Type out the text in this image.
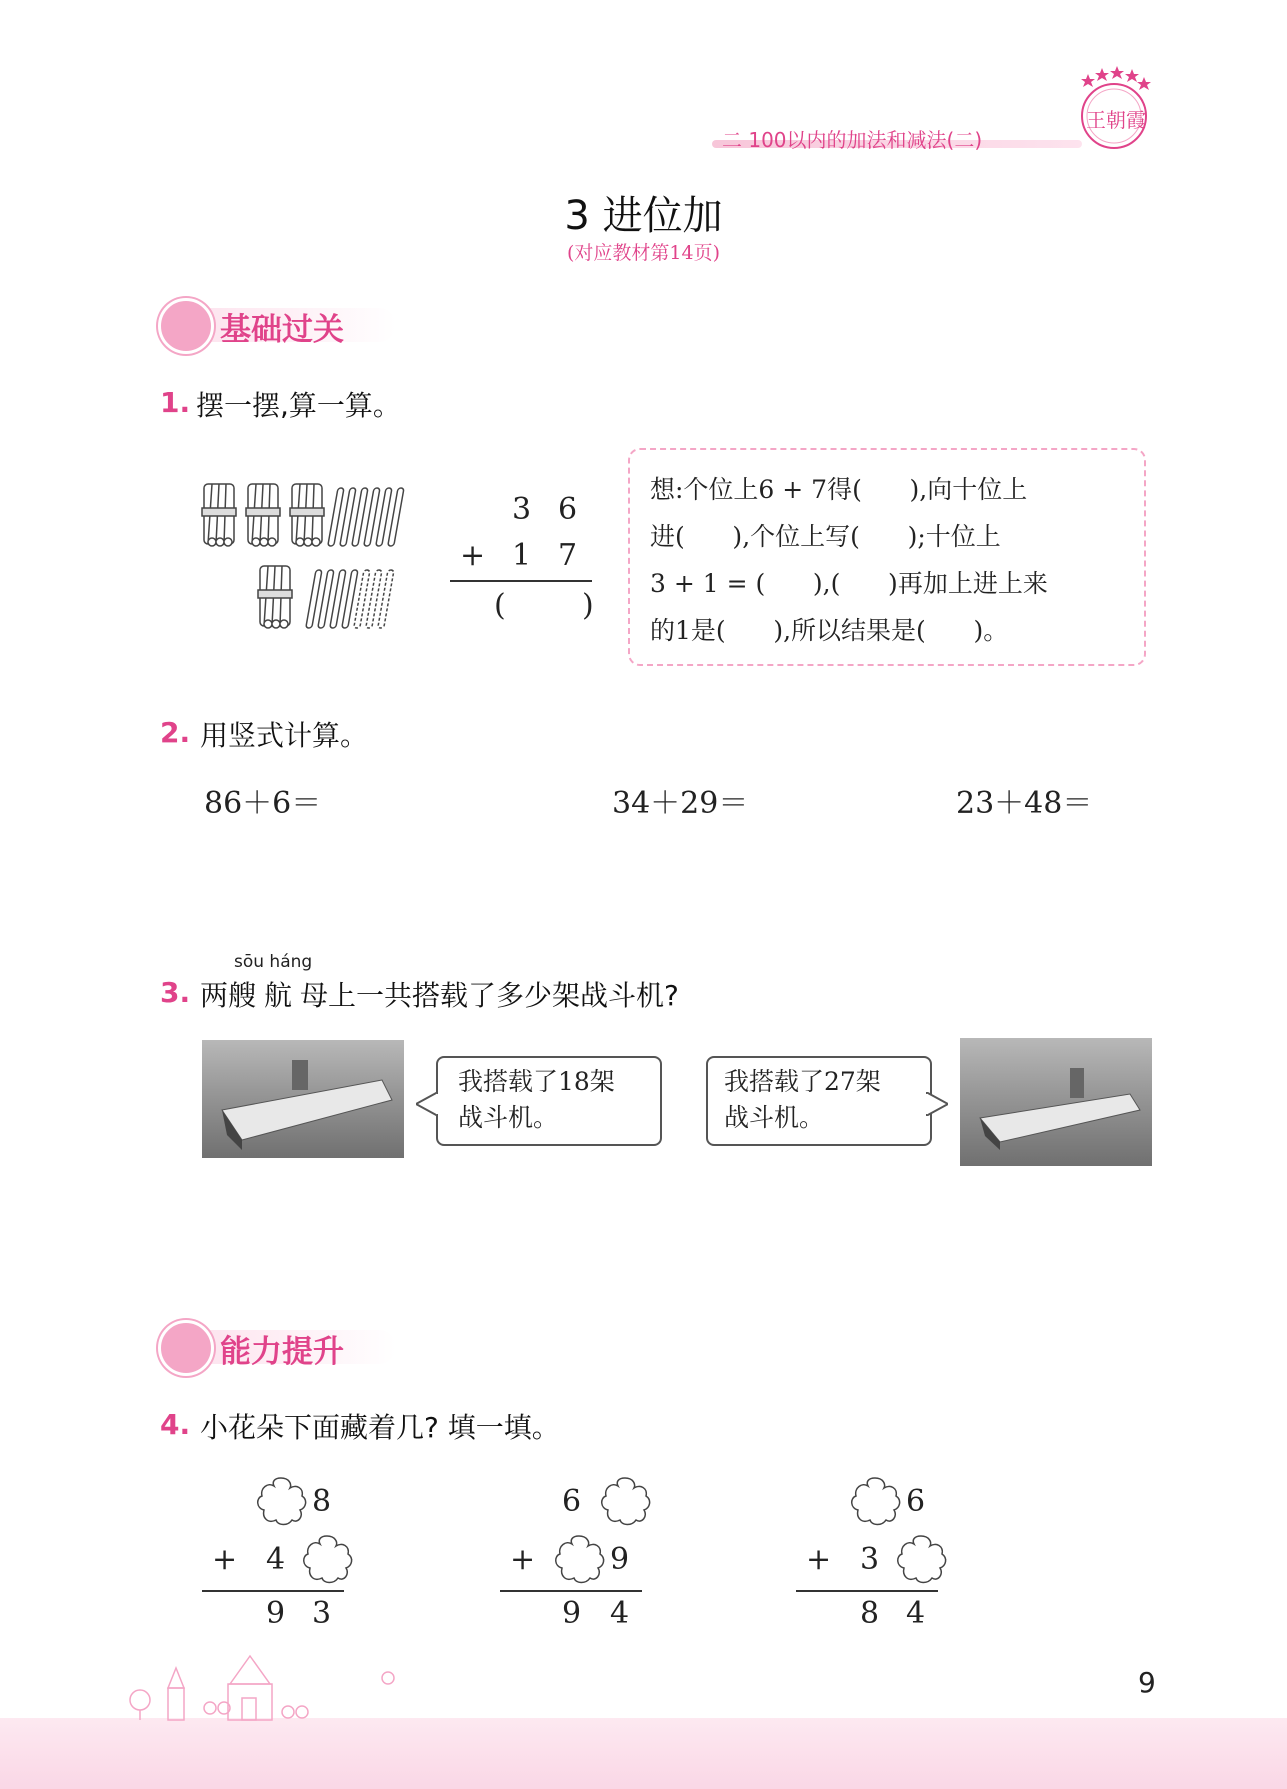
二 100以内的加法和减法(二)
王朝霞
3 进位加
(对应教材第14页)
基础过关
1. 摆一摆,算一算。
3 6
+ 1 7
(        )
想:个位上6 + 7得(      ),向十位上
进(      ),个位上写(      );十位上
3 + 1 = (      ),(      )再加上进上来
的1是(      ),所以结果是(      )。
2. 用竖式计算。
86＋6＝	34＋29＝	23＋48＝
sōu háng
3. 两艘 航 母上一共搭载了多少架战斗机?
我搭载了18架
战斗机。
我搭载了27架
战斗机。
能力提升
4. 小花朵下面藏着几? 填一填。
8
+ 4
9 3
6
+ 9
9 4
6
+ 3
8 4
9
